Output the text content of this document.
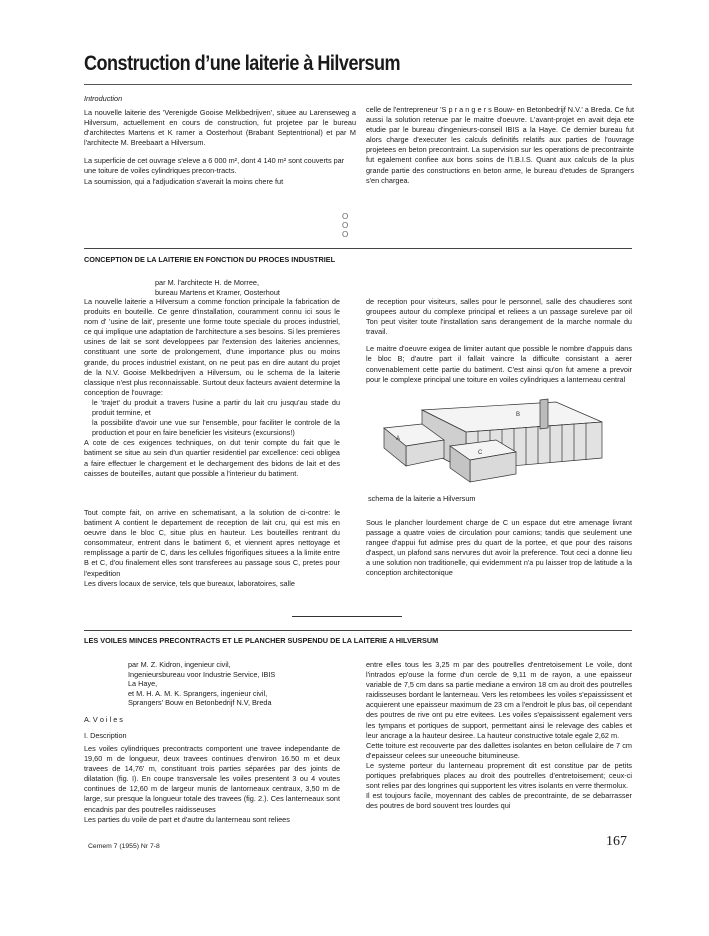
Construction d’une laiterie à Hilversum
Introduction

La nouvelle laiterie des 'Verenigde Gooise Melkbedrijven', situee au Larenseweg a Hilversum, actuellement en cours de construction, fut projetee par le bureau d'architectes Martens et K ramer a Oosterhout (Brabant Septentrional) et par M l'architecte M. Breebaart a Hilversum.

La superficie de cet ouvrage s'eleve a 6 000 m², dont 4 140 m² sont couverts par une toiture de voiles cylindriques precon-tracts.

La soumission, qui a l'adjudication s'averait la moins chere fut

celle de l'entrepreneur 'S p r a n g e r s Bouw- en Betonbedrijf N.V.' a Breda. Ce fut aussi la solution retenue par le maitre d'oeuvre. L'avant-projet en avait deja ete etudie par le bureau d'ingenieurs-conseil IBIS a la Haye. Ce dernier bureau fut alors charge d'executer les calculs definitifs relatifs aux parties de l'ouvrage projetees en beton precontraint. La supervision sur les operations de precontrainte fut egalement confiee aux bons soins de l'I.B.I.S. Quant aux calculs de la plus grande partie des constructions en beton arme, le bureau d'etudes de Sprangers s'en chargea.

O O O
CONCEPTION DE LA LAITERIE EN FONCTION DU PROCES INDUSTRIEL
par M. l'architecte H. de Morree,
bureau Martens et Kramer, Oosterhout

La nouvelle laiterie a Hilversum a comme fonction principale la fabrication de produits en bouteille. Ce genre d'installation, couramment connu ici sous le nom d' 'usine de lait', presente une forme toute speciale du proces industriel, ce qui implique une adaptation de l'architecture a ses besoins. Si les premieres usines de lait se sont developpees par l'extension des laiteries anciennes, constituant une sorte de prolongement, d'une importance plus ou moins grande, du proces industriel existant, on ne peut pas en dire autant du projet de la N.V. Gooise Melkbedrijven a Hilversum, ou le schema de la laiterie classique n'est plus reconnaissable. Surtout deux facteurs avaient determine la conception de l'ouvrage:

le 'trajet' du produit a travers l'usine a partir du lait cru jusqu'au stade du produit termine, et

la possibilite d'avoir une vue sur l'ensemble, pour faciliter le controle de la production et pour en faire beneficier les visiteurs (excursions!)

A cote de ces exigences techniques, on dut tenir compte du fait que le batiment se situe au sein d'un quartier residentiel par excellence: ceci obligea a faire effectuer le chargement et le dechargement des bidons de lait et des caisses de bouteilles, autant que possible a l'interieur du batiment.

Tout compte fait, on arrive en schematisant, a la solution de ci-contre: le batiment A contient le departement de reception de lait cru, qui est mis en oeuvre dans le bloc C, situe plus en hauteur. Les bouteilles rentrant du consommateur, entrent dans le batiment 6, et viennent apres nettoyage et remplissage a partir de C, dans les cellules frigorifiques situees a la limite entre B et C, d'ou finalement elles sont transferees au passage sous C, pretes pour l'expedition

Les divers locaux de service, tels que bureaux, laboratoires, salle

de reception pour visiteurs, salles pour le personnel, salle des chaudieres sont groupees autour du complexe principal et reliees a un passage sureleve par oil Ton peut visiter toute l'installation sans derangement de la marche normale du travail.

Le maitre d'oeuvre exigea de limiter autant que possible le nombre d'appuis dans le bloc B; d'autre part il fallait vaincre la difficulte consistant a aerer convenablement cette partie du batiment. C'est ainsi qu'on fut amene a prevoir pour le complexe principal une toiture en voiles cylindriques a lanterneau central

A
B
C
schema de la laiterie a Hilversum

Sous le plancher lourdement charge de C un espace dut etre amenage livrant passage a quatre voies de circulation pour camions; tandis que seulement une rangee d'appui fut admise pres du quart de la portee, et que pour des raisons d'aspect, un plafond sans nervures dut avoir la preference. Tout ceci a donne lieu a une solution non traditionelle, qui evidemment n'a pu laisser trop de latitude a la conception architectonique

LES VOILES MINCES PRECONTRACTS ET LE PLANCHER SUSPENDU DE LA LAITERIE A HILVERSUM
par M. Z. Kidron, ingenieur civil,
Ingenieursbureau voor Industrie Service, IBIS
La Haye,
et M. H. A. M. K. Sprangers, ingenieur civil,
Sprangers' Bouw en Betonbedrijf N.V, Breda
A. V o i l e s
I. Description

Les voiles cylindriques precontracts comportent une travee independante de 19,60 m de longueur, deux travees continues d'environ 16.50 m et deux travees de 14,76' m, constituant trois parties séparées par des joints de dilatation (fig. I). En coupe transversale les voiles presentent 3 ou 4 voutes continues de 12,60 m de largeur munis de lantorneaux centraux, 3,50 m de large, sur presque la longueur totale des travees (fig. 2.). Ces lanterneaux sont encadnis par des poutrelles raidisseuses

Les parties du voile de part et d'autre du lanterneau sont reliees

entre elles tous les 3,25 m par des poutrelles d'entretoisement Le voile, dont l'intrados ep'ouse la forme d'un cercle de 9,11 m de rayon, a une epaisseur variable de 7,5 cm dans sa partie mediane a environ 18 cm au droit des poutrelles raidisseuses bordant le lanterneau. Vers les retombees les voiles s'epaississent et acquierent une epaisseur maximum de 23 cm a l'endroit le plus bas, oil cependant des poutres de rive ont pu etre evitees. Les voiles s'epaississent egalement vers les tympans et portiques de support, permettant ainsi le relevage des cables et leur ancrage a la hauteur desiree. La hauteur constructive totale egale 2,62 m.

Cette toiture est recouverte par des dallettes isolantes en beton cellulaire de 7 cm d'epaisseur celees sur uneeouche bitumineuse.

Le systeme porteur du lanterneau proprement dit est constitue par de petits portiques prefabriques places au droit des poutrelles d'entretoisement; ceux-ci sont relies par des longrines qui supportent les vitres isolants en verre thermolux.

Il est toujours facile, moyennant des cables de precontrainte, de se debarrasser des poutres de bord souvent tres lourdes qui

Cemem 7 (1955) Nr 7-8	167
